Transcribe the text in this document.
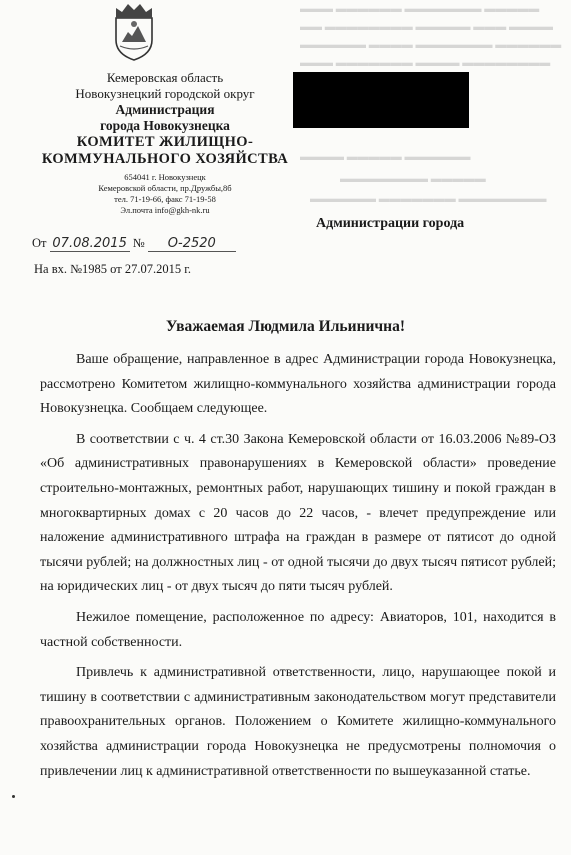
▬▬▬ ▬▬▬▬▬▬ ▬▬▬▬▬▬▬ ▬▬▬▬▬
▬▬ ▬▬▬▬▬▬▬▬ ▬▬▬▬▬ ▬▬▬ ▬▬▬▬
▬▬▬▬▬▬ ▬▬▬▬ ▬▬▬▬▬▬▬ ▬▬▬▬▬▬
▬▬▬ ▬▬▬▬▬▬▬ ▬▬▬▬ ▬▬▬▬▬▬▬▬
▬▬▬▬ ▬▬▬▬▬ ▬▬▬▬▬▬
▬▬▬▬▬▬▬▬ ▬▬▬▬▬
▬▬▬▬▬▬ ▬▬▬▬▬▬▬ ▬▬▬▬▬▬▬▬
Кемеровская область
Новокузнецкий городской округ
Администрация
города Новокузнецка
КОМИТЕТ ЖИЛИЩНО-
КОММУНАЛЬНОГО ХОЗЯЙСТВА
654041 г. Новокузнецк
Кемеровской области, пр.Дружбы,8б
тел. 71-19-66, факс 71-19-58
Эл.почта info@gkh-nk.ru
От 07.08.2015 № О-2520
На вх. №1985 от 27.07.2015 г.
Администрации города
Уважаемая Людмила Ильинична!

Ваше обращение, направленное в адрес Администрации города Новокузнецка, рассмотрено Комитетом жилищно-коммунального хозяйства администрации города Новокузнецка. Сообщаем следующее.

В соответствии с ч. 4 ст.30 Закона Кемеровской области от 16.03.2006 №89-ОЗ «Об административных правонарушениях в Кемеровской области» проведение строительно-монтажных, ремонтных работ, нарушающих тишину и покой граждан в многоквартирных домах с 20 часов до 22 часов, - влечет предупреждение или наложение административного штрафа на граждан в размере от пятисот до одной тысячи рублей; на должностных лиц - от одной тысячи до двух тысяч пятисот рублей; на юридических лиц - от двух тысяч до пяти тысяч рублей.

Нежилое помещение, расположенное по адресу: Авиаторов, 101, находится в частной собственности.

Привлечь к административной ответственности, лицо, нарушающее покой и тишину в соответствии с административным законодательством могут представители правоохранительных органов. Положением о Комитете жилищно-коммунального хозяйства администрации города Новокузнецка не предусмотрены полномочия о привлечении лиц к административной ответственности по вышеуказанной статье.
